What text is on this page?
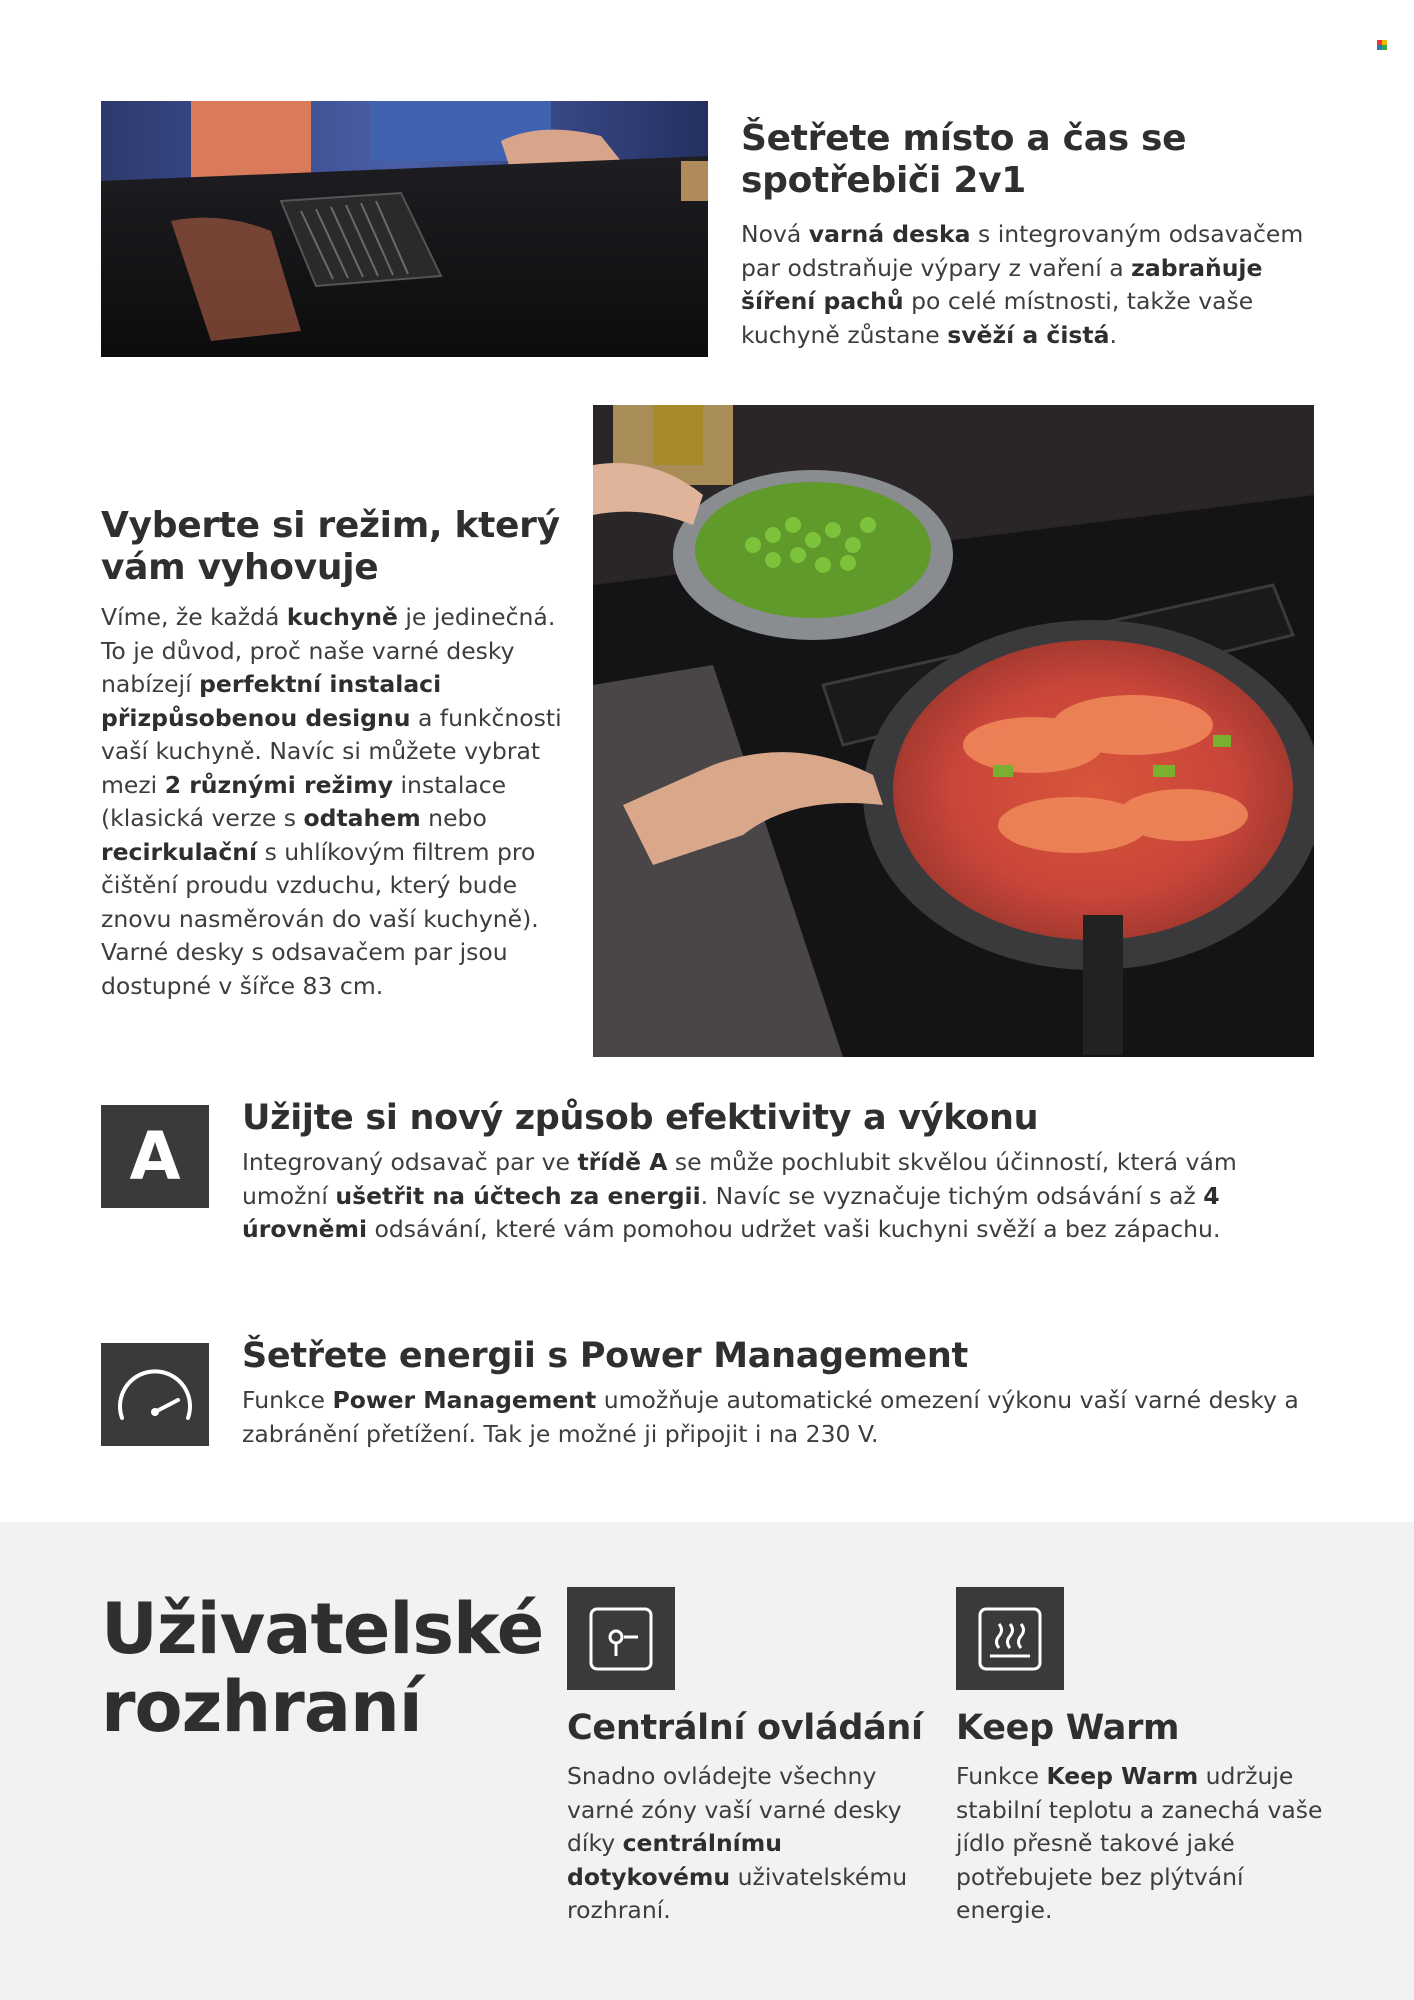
Šetřete místo a čas se spotřebiči 2v1

Nová varná deska s integrovaným odsavačem par odstraňuje výpary z vaření a zabraňuje šíření pachů po celé místnosti, takže vaše kuchyně zůstane svěží a čistá.

Vyberte si režim, který vám vyhovuje

Víme, že každá kuchyně je jedinečná. To je důvod, proč naše varné desky nabízejí perfektní instalaci přizpůsobenou designu a funkčnosti vaší kuchyně. Navíc si můžete vybrat mezi 2 různými režimy instalace (klasická verze s odtahem nebo recirkulační s uhlíkovým filtrem pro čištění proudu vzduchu, který bude znovu nasměrován do vaší kuchyně). Varné desky s odsavačem par jsou dostupné v šířce 83 cm.

A Užijte si nový způsob efektivity a výkonu

Integrovaný odsavač par ve třídě A se může pochlubit skvělou účinností, která vám umožní ušetřit na účtech za energii. Navíc se vyznačuje tichým odsávání s až 4 úrovněmi odsávání, které vám pomohou udržet vaši kuchyni svěží a bez zápachu.

Šetřete energii s Power Management

Funkce Power Management umožňuje automatické omezení výkonu vaší varné desky a zabránění přetížení. Tak je možné ji připojit i na 230 V.

Uživatelské
rozhraní	Centrální ovládání

Snadno ovládejte všechny varné zóny vaší varné desky díky centrálnímu dotykovému uživatelskému rozhraní.

Keep Warm

Funkce Keep Warm udržuje stabilní teplotu a zanechá vaše jídlo přesně takové jaké potřebujete bez plýtvání energie.
